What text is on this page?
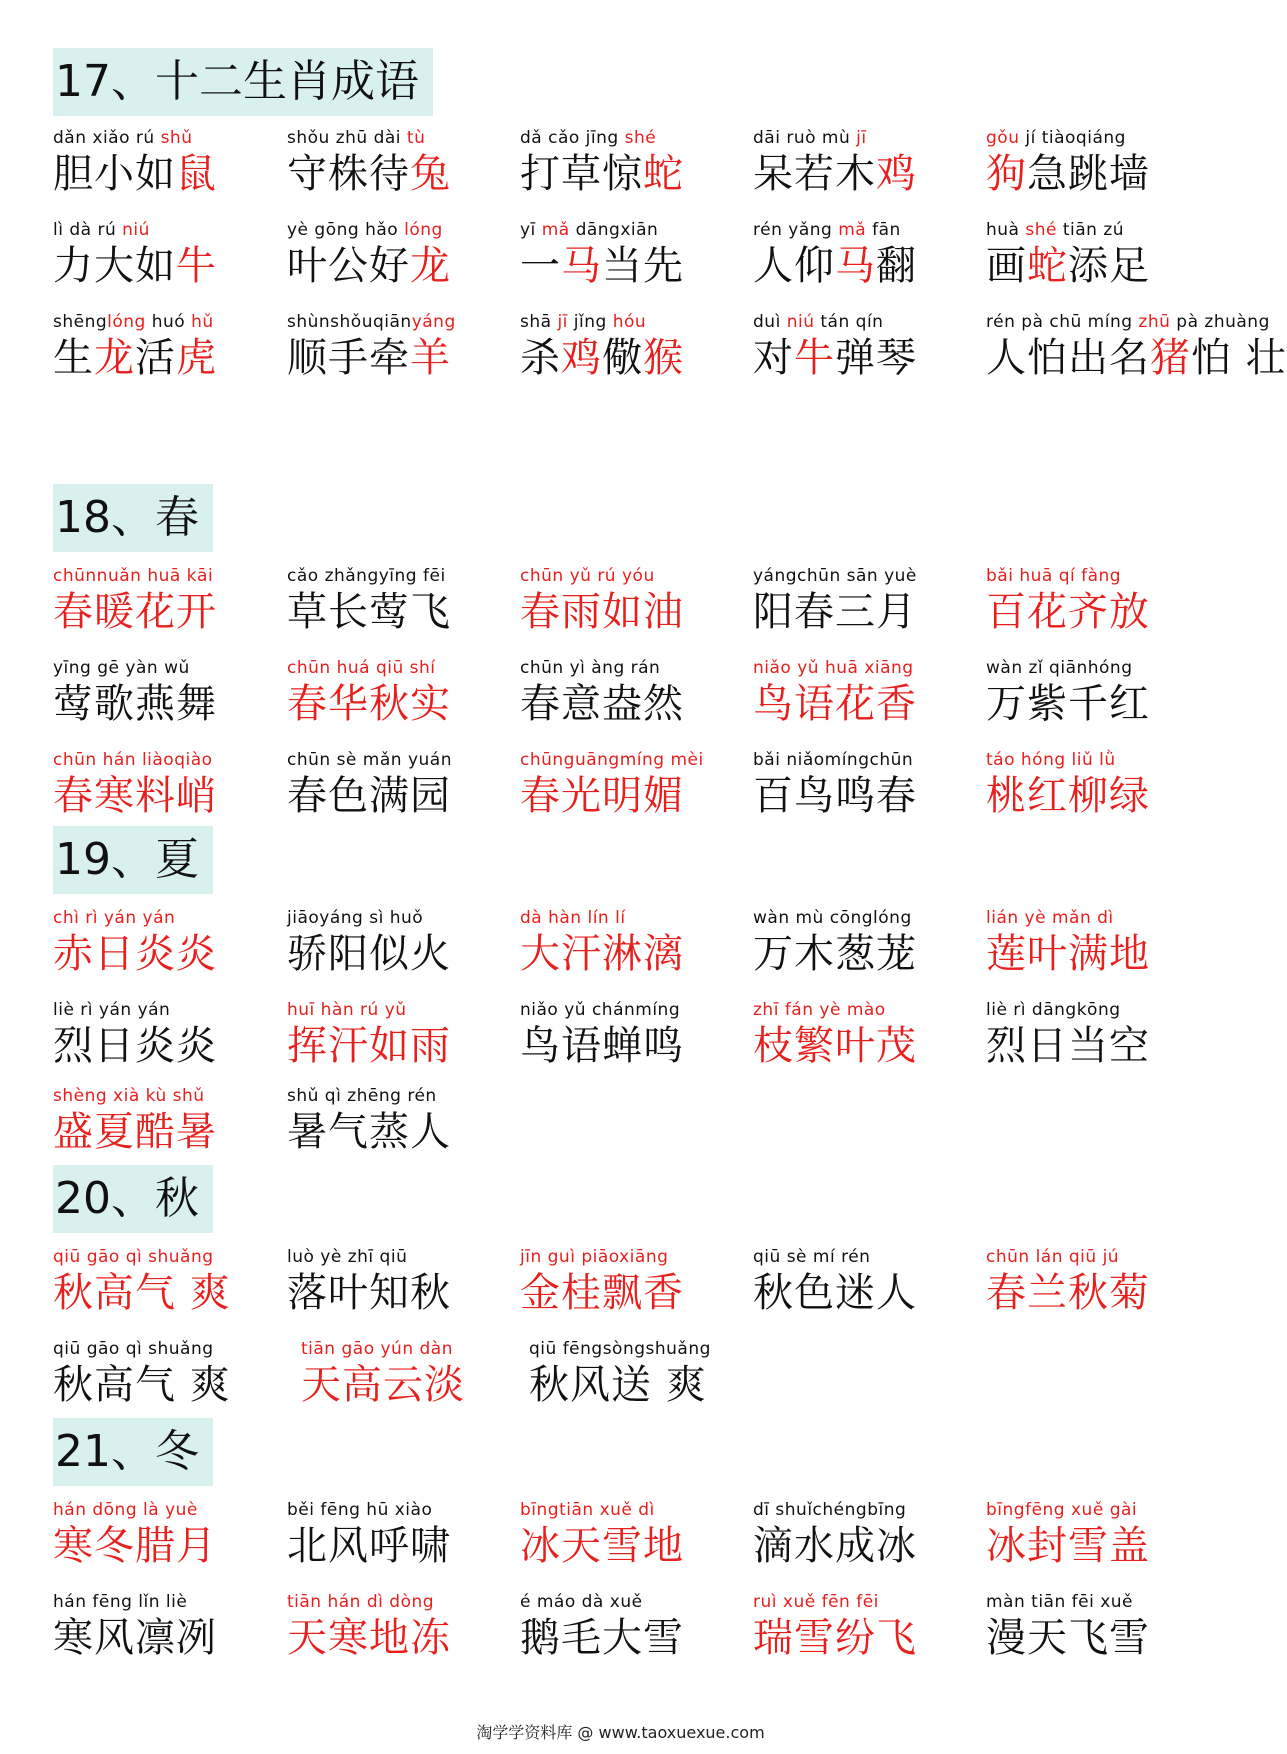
17、十二生肖成语
dǎn xiǎo rú shǔ
胆小如鼠
shǒu zhū dài tù
守株待兔
dǎ cǎo jīng shé
打草惊蛇
dāi ruò mù jī
呆若木鸡
gǒu jí tiàoqiáng
狗急跳墙
lì dà rú niú
力大如牛
yè gōng hǎo lóng
叶公好龙
yī mǎ dāngxiān
一马当先
rén yǎng mǎ fān
人仰马翻
huà shé tiān zú
画蛇添足
shēnglóng huó hǔ
生龙活虎
shùnshǒuqiānyáng
顺手牵羊
shā jī jǐng hóu
杀鸡儆猴
duì niú tán qín
对牛弹琴
rén pà chū míng zhū pà zhuàng
人怕出名猪怕 壮
18、春
chūnnuǎn huā kāi
春暖花开
cǎo zhǎngyīng fēi
草长莺飞
chūn yǔ rú yóu
春雨如油
yángchūn sān yuè
阳春三月
bǎi huā qí fàng
百花齐放
yīng gē yàn wǔ
莺歌燕舞
chūn huá qiū shí
春华秋实
chūn yì àng rán
春意盎然
niǎo yǔ huā xiāng
鸟语花香
wàn zǐ qiānhóng
万紫千红
chūn hán liàoqiào
春寒料峭
chūn sè mǎn yuán
春色满园
chūnguāngmíng mèi
春光明媚
bǎi niǎomíngchūn
百鸟鸣春
táo hóng liǔ lǜ
桃红柳绿
19、夏
chì rì yán yán
赤日炎炎
jiāoyáng sì huǒ
骄阳似火
dà hàn lín lí
大汗淋漓
wàn mù cōnglóng
万木葱茏
lián yè mǎn dì
莲叶满地
liè rì yán yán
烈日炎炎
huī hàn rú yǔ
挥汗如雨
niǎo yǔ chánmíng
鸟语蝉鸣
zhī fán yè mào
枝繁叶茂
liè rì dāngkōng
烈日当空
shèng xià kù shǔ
盛夏酷暑
shǔ qì zhēng rén
暑气蒸人
20、秋
qiū gāo qì shuǎng
秋高气 爽
luò yè zhī qiū
落叶知秋
jīn guì piāoxiāng
金桂飘香
qiū sè mí rén
秋色迷人
chūn lán qiū jú
春兰秋菊
qiū gāo qì shuǎng
秋高气 爽
tiān gāo yún dàn
天高云淡
qiū fēngsòngshuǎng
秋风送 爽
21、冬
hán dōng là yuè
寒冬腊月
běi fēng hū xiào
北风呼啸
bīngtiān xuě dì
冰天雪地
dī shuǐchéngbīng
滴水成冰
bīngfēng xuě gài
冰封雪盖
hán fēng lǐn liè
寒风凛冽
tiān hán dì dòng
天寒地冻
é máo dà xuě
鹅毛大雪
ruì xuě fēn fēi
瑞雪纷飞
màn tiān fēi xuě
漫天飞雪
淘学学资料库 @ www.taoxuexue.com
